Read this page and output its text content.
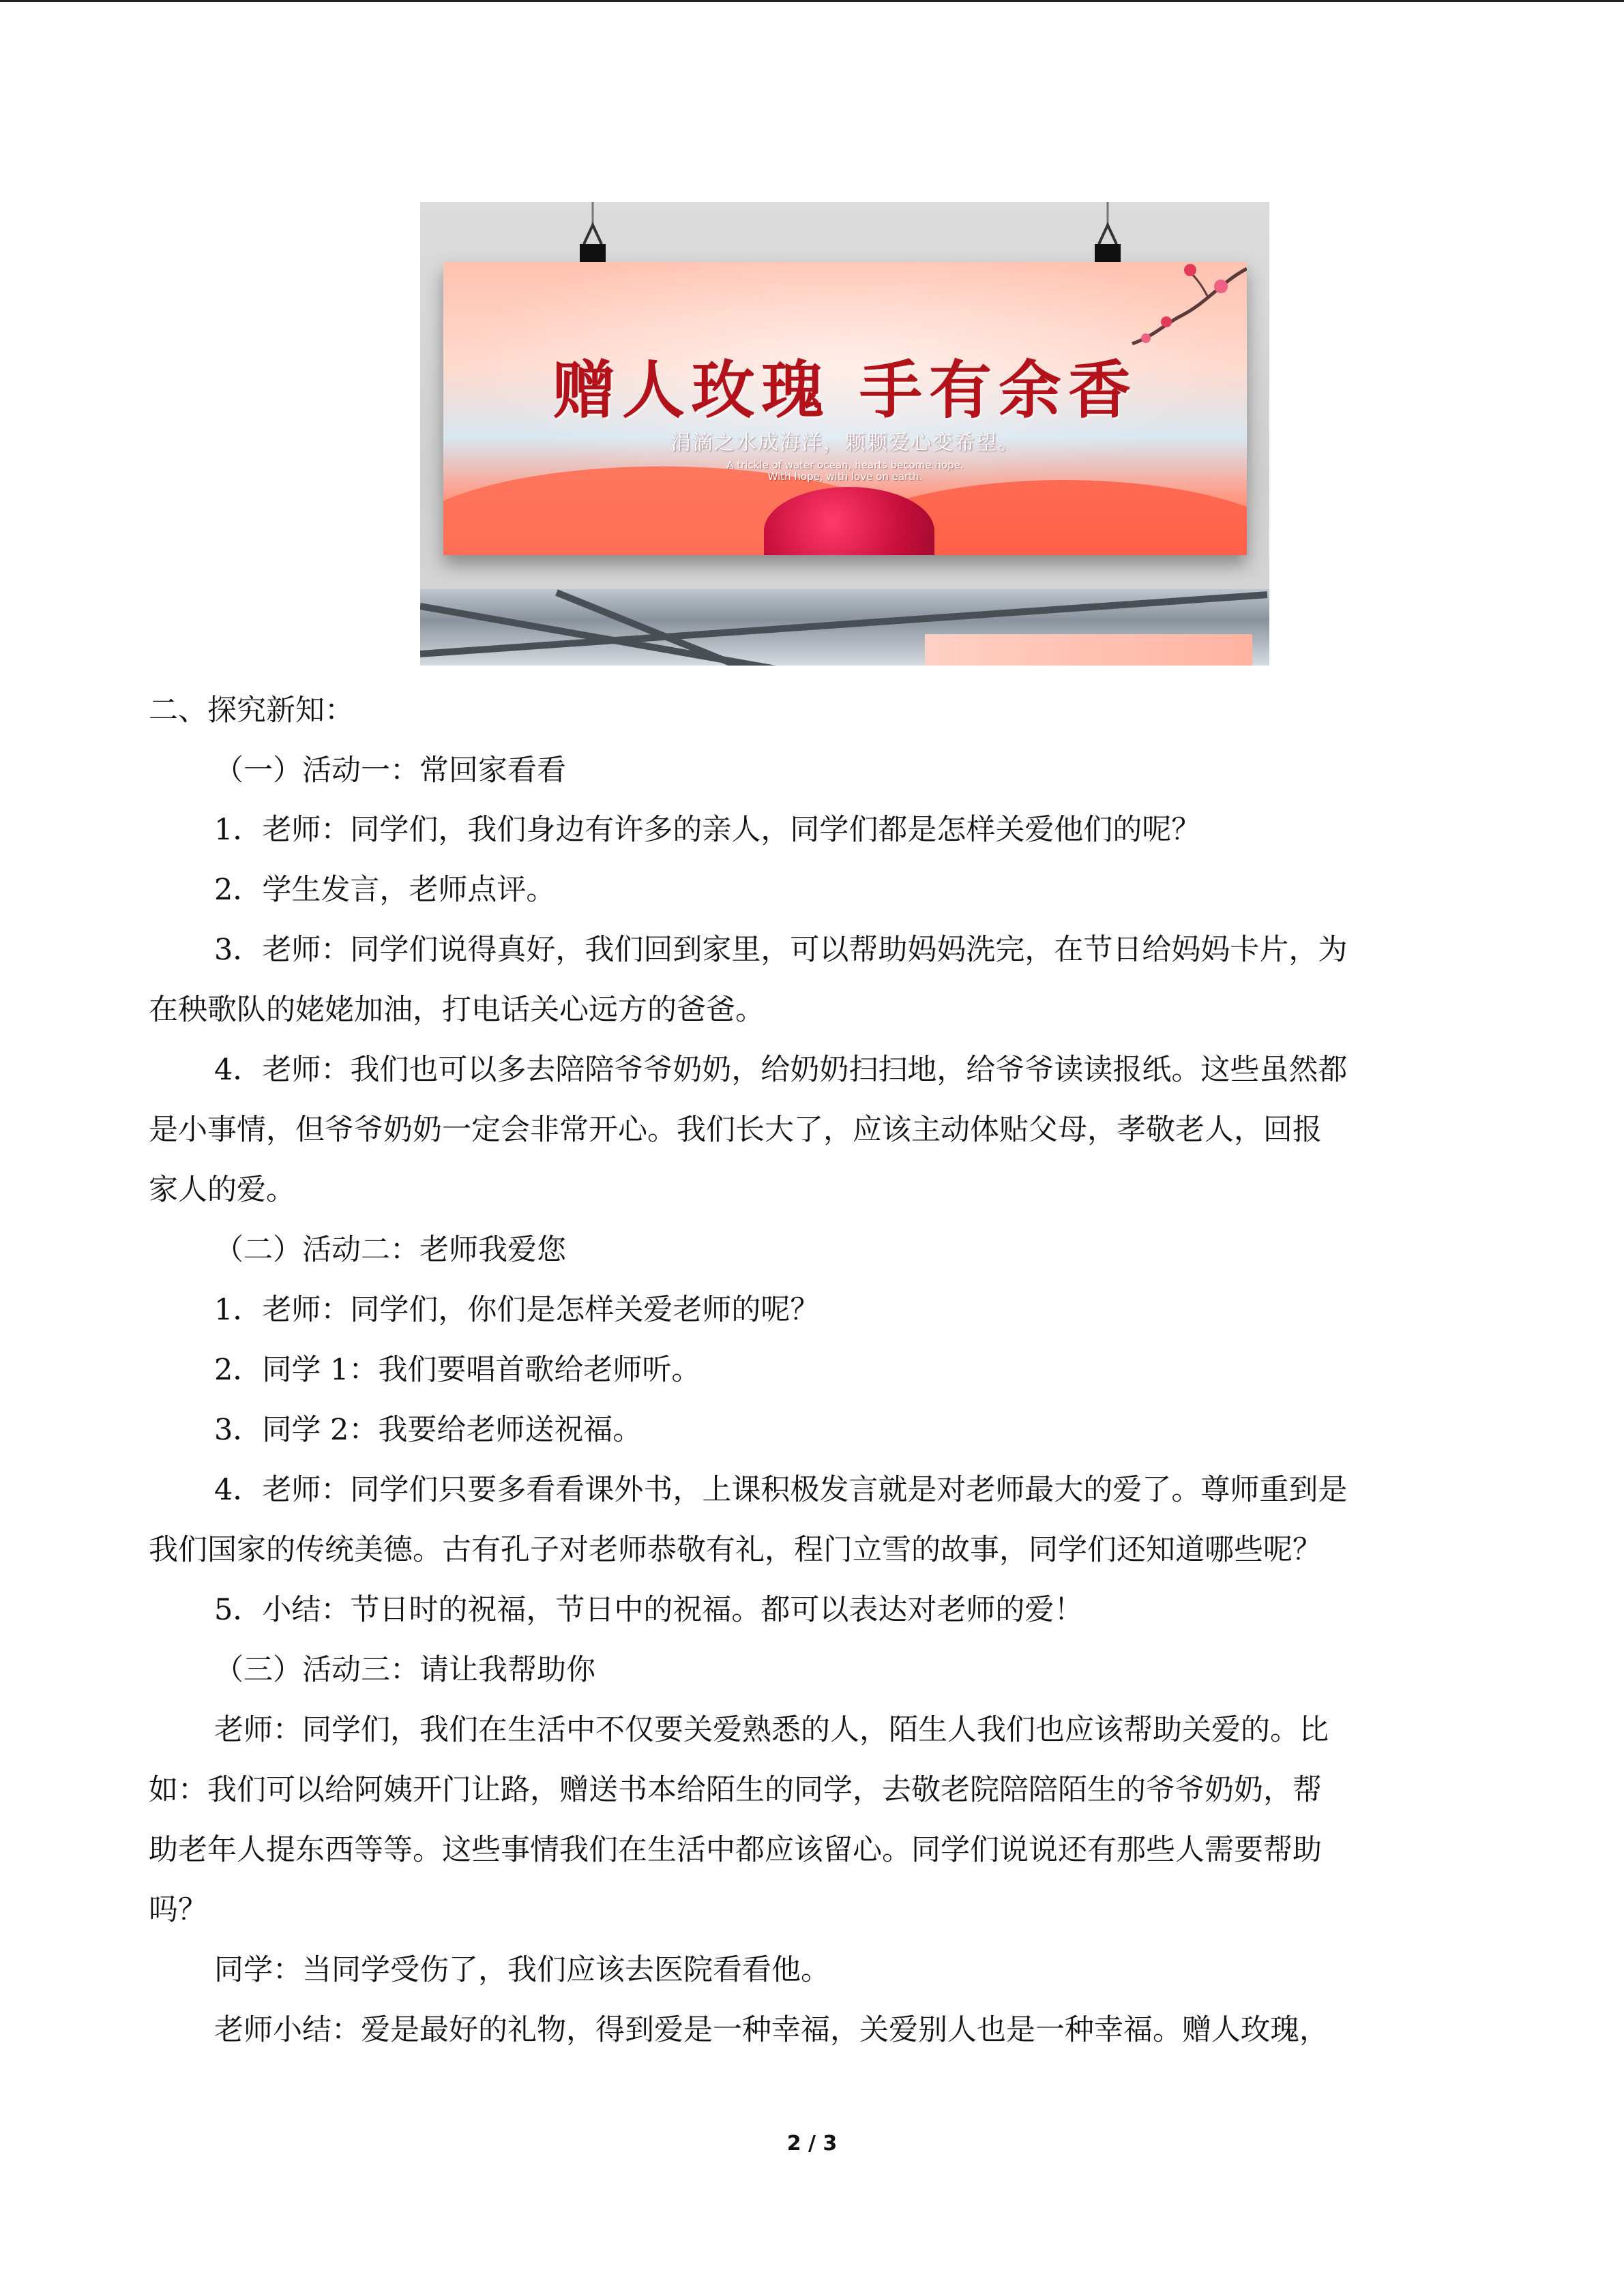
赠人玫瑰 手有余香
涓滴之水成海洋，颗颗爱心变希望。
A trickle of water ocean, hearts become hope.
With hope, with love on earth.

二、探究新知：

（一）活动一：常回家看看

1．老师：同学们，我们身边有许多的亲人，同学们都是怎样关爱他们的呢？

2．学生发言，老师点评。

3．老师：同学们说得真好，我们回到家里，可以帮助妈妈洗完，在节日给妈妈卡片，为

在秧歌队的姥姥加油，打电话关心远方的爸爸。

4．老师：我们也可以多去陪陪爷爷奶奶，给奶奶扫扫地，给爷爷读读报纸。这些虽然都

是小事情，但爷爷奶奶一定会非常开心。我们长大了，应该主动体贴父母，孝敬老人，回报

家人的爱。

（二）活动二：老师我爱您

1．老师：同学们，你们是怎样关爱老师的呢？

2．同学 1：我们要唱首歌给老师听。

3．同学 2：我要给老师送祝福。

4．老师：同学们只要多看看课外书，上课积极发言就是对老师最大的爱了。尊师重到是

我们国家的传统美德。古有孔子对老师恭敬有礼，程门立雪的故事，同学们还知道哪些呢？

5．小结：节日时的祝福，节日中的祝福。都可以表达对老师的爱！

（三）活动三：请让我帮助你

老师：同学们，我们在生活中不仅要关爱熟悉的人，陌生人我们也应该帮助关爱的。比

如：我们可以给阿姨开门让路，赠送书本给陌生的同学，去敬老院陪陪陌生的爷爷奶奶，帮

助老年人提东西等等。这些事情我们在生活中都应该留心。同学们说说还有那些人需要帮助

吗？

同学：当同学受伤了，我们应该去医院看看他。

老师小结：爱是最好的礼物，得到爱是一种幸福，关爱别人也是一种幸福。赠人玫瑰，

2 / 3
